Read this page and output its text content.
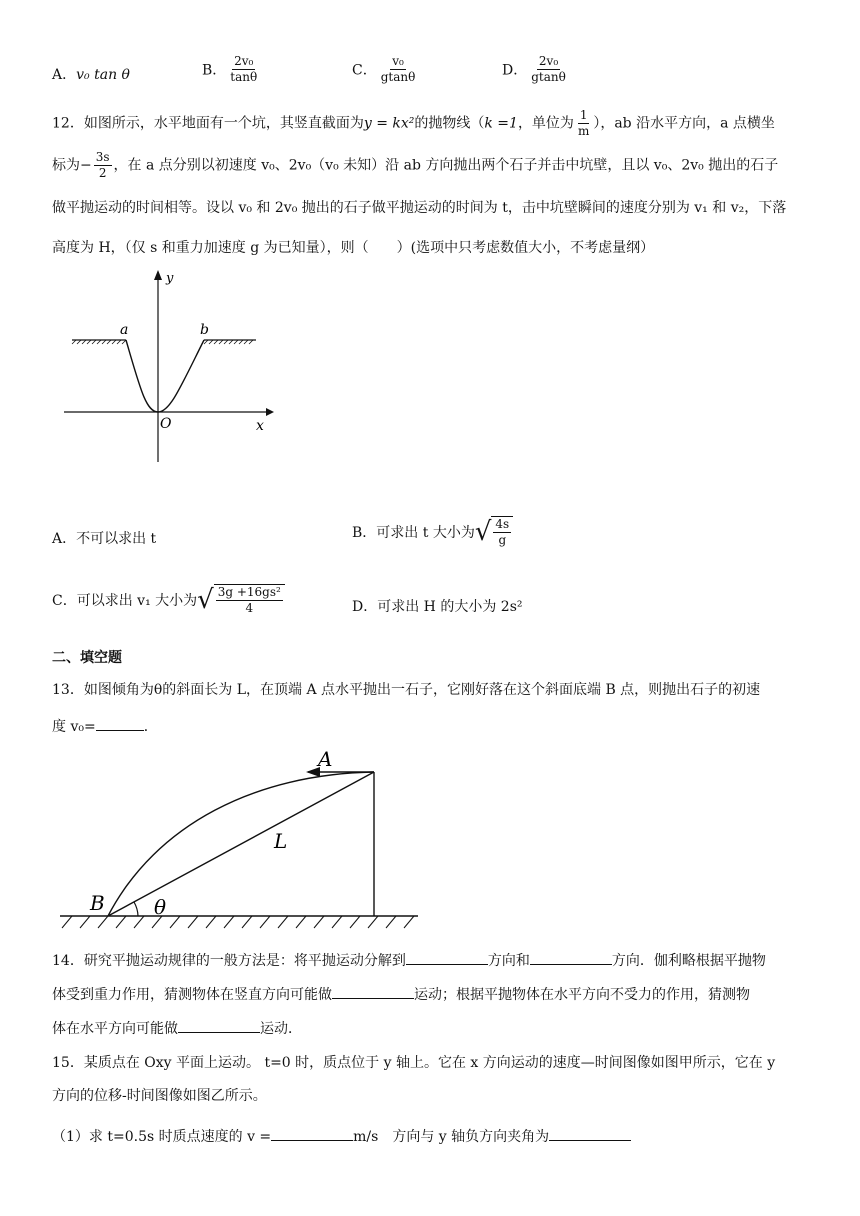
A．v₀ tan θ	B． $\frac{\text{2v₀}}{\tan\theta}$	C． $\frac{\text{v₀}}{gtan\theta}$	D． $\frac{\text{2v₀}}{gtan\theta}$
12．如图所示，水平地面有一个坑，其竖直截面为y = kx²的抛物线（k =1，单位为 $\frac{1}{m}$ ），ab 沿水平方向，a 点横坐
标为− $\frac{3s}{2}$ ，在 a 点分别以初速度 v₀、2v₀（v₀ 未知）沿 ab 方向抛出两个石子并击中坑壁，且以 v₀、2v₀ 抛出的石子
做平抛运动的时间相等。设以 v₀ 和 2v₀ 抛出的石子做平抛运动的时间为 t，击中坑壁瞬间的速度分别为 v₁ 和 v₂，下落
高度为 H，（仅 s 和重力加速度 g 为已知量），则（　　）(选项中只考虑数值大小，不考虑量纲）
a	b
y
x
O
A．不可以求出 t	B．可求出 t 大小为 √ $\frac{4s}{g}$
C．可以求出 v₁ 大小为 √ $\frac{\text{3g +16gs²}}{4}$	D．可求出 H 的大小为 2s²
二、填空题
13．如图倾角为θ的斜面长为 L，在顶端 A 点水平抛出一石子，它刚好落在这个斜面底端 B 点，则抛出石子的初速
度 v₀=	．
A
B
L
θ
14．研究平抛运动规律的一般方法是：将平抛运动分解到	方向和	方向．伽利略根据平抛物
体受到重力作用，猜测物体在竖直方向可能做	运动；根据平抛物体在水平方向不受力的作用，猜测物
体在水平方向可能做	运动．
15．某质点在 Oxy 平面上运动。 t=0 时，质点位于 y 轴上。它在 x 方向运动的速度—时间图像如图甲所示，它在 y
方向的位移-时间图像如图乙所示。
（1）求 t=0.5s 时质点速度的 v =	m/s　方向与 y 轴负方向夹角为
